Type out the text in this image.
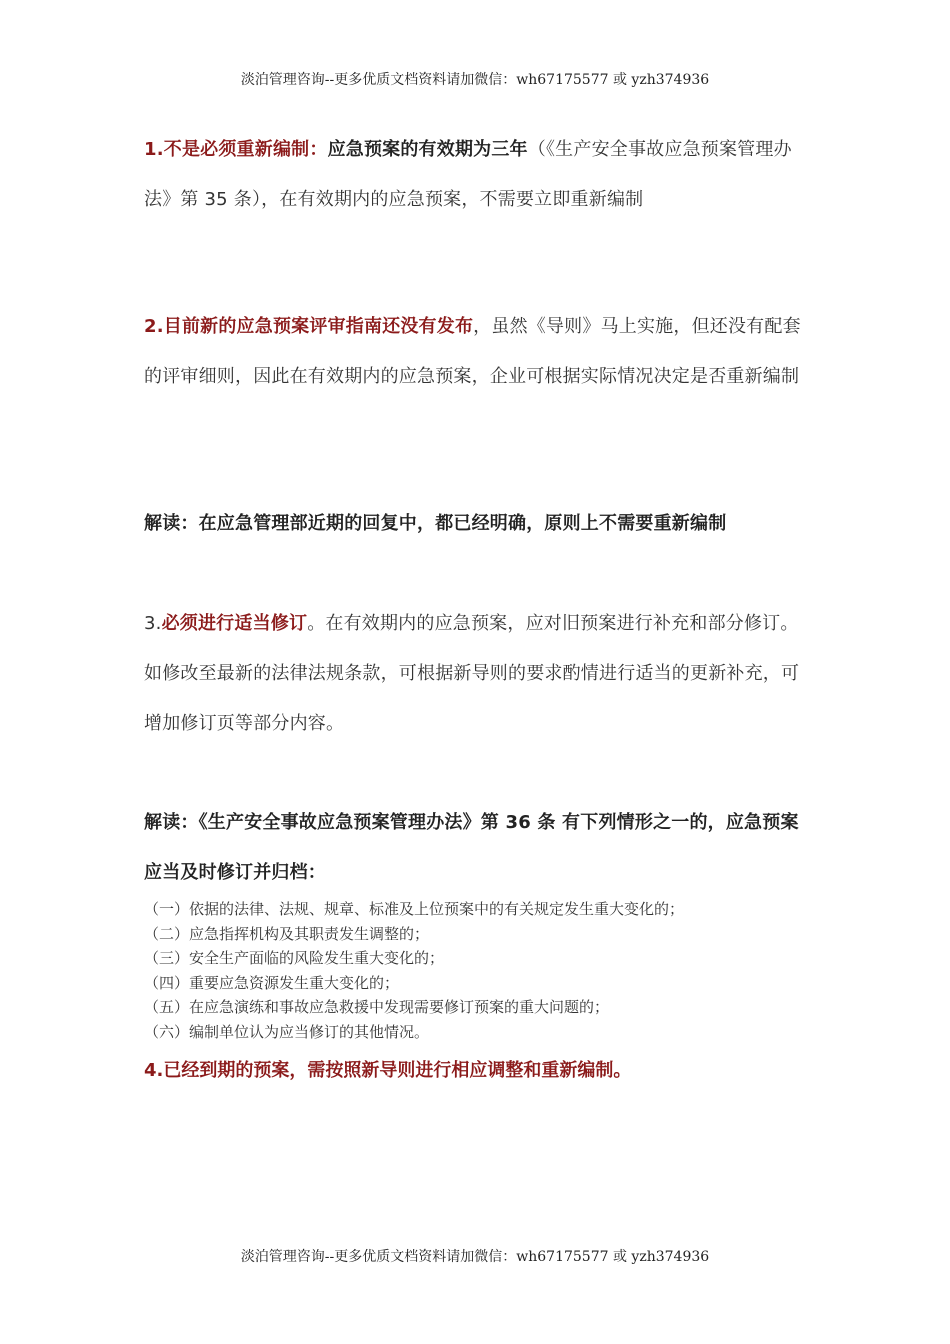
淡泊管理咨询--更多优质文档资料请加微信：wh67175577 或 yzh374936
1.不是必须重新编制：应急预案的有效期为三年（《生产安全事故应急预案管理办法》第 35 条），在有效期内的应急预案，不需要立即重新编制
2.目前新的应急预案评审指南还没有发布，虽然《导则》马上实施，但还没有配套的评审细则，因此在有效期内的应急预案，企业可根据实际情况决定是否重新编制
解读：在应急管理部近期的回复中，都已经明确，原则上不需要重新编制
3.必须进行适当修订。在有效期内的应急预案，应对旧预案进行补充和部分修订。如修改至最新的法律法规条款，可根据新导则的要求酌情进行适当的更新补充，可增加修订页等部分内容。
解读：《生产安全事故应急预案管理办法》第 36 条 有下列情形之一的，应急预案应当及时修订并归档：
（一）依据的法律、法规、规章、标准及上位预案中的有关规定发生重大变化的；
（二）应急指挥机构及其职责发生调整的；
（三）安全生产面临的风险发生重大变化的；
（四）重要应急资源发生重大变化的；
（五）在应急演练和事故应急救援中发现需要修订预案的重大问题的；
（六）编制单位认为应当修订的其他情况。
4.已经到期的预案，需按照新导则进行相应调整和重新编制。
淡泊管理咨询--更多优质文档资料请加微信：wh67175577 或 yzh374936
